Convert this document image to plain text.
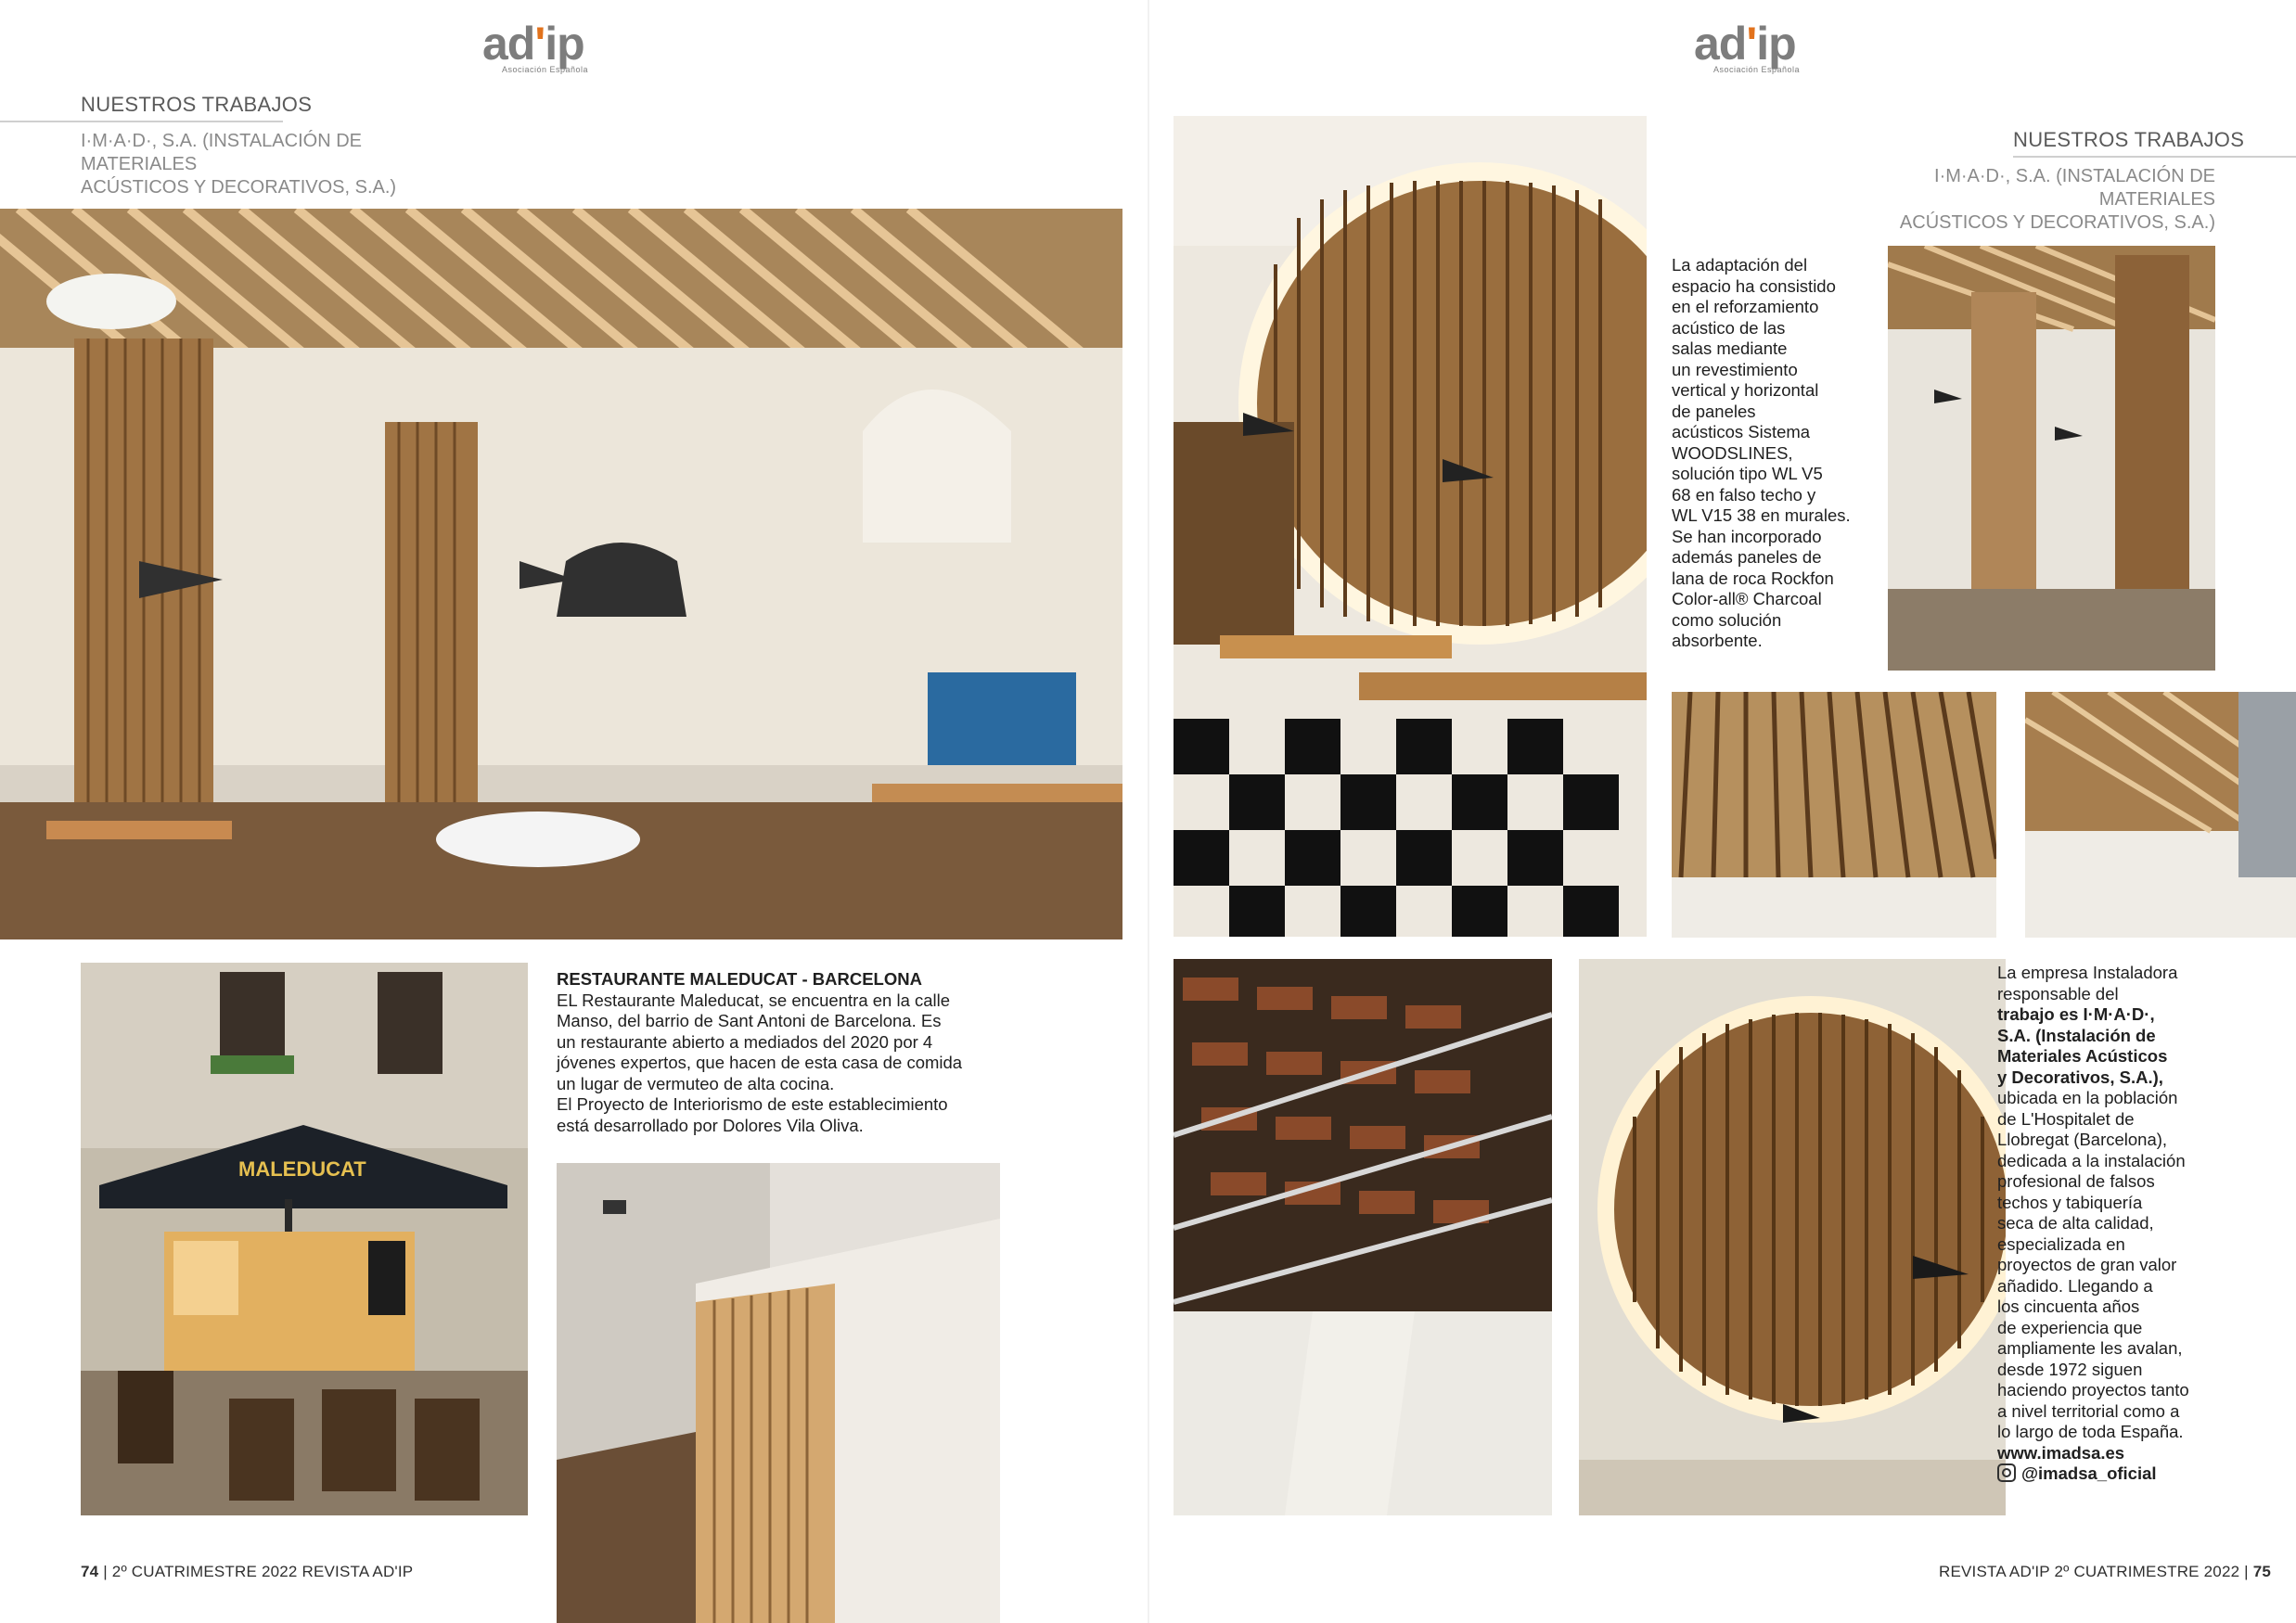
ad'ip
Asociación Española
NUESTROS TRABAJOS
I·M·A·D·, S.A. (INSTALACIÓN DE MATERIALES
ACÚSTICOS Y DECORATIVOS, S.A.)
MALEDUCAT
RESTAURANTE MALEDUCAT - BARCELONA
EL Restaurante Maleducat, se encuentra en la calle
Manso, del barrio de Sant Antoni de Barcelona. Es
un restaurante abierto a mediados del 2020 por 4
jóvenes expertos, que hacen de esta casa de comida
un lugar de vermuteo de alta cocina.
El Proyecto de Interiorismo de este establecimiento
está desarrollado por Dolores Vila Oliva.
74 | 2º CUATRIMESTRE 2022 REVISTA AD'IP
ad'ip
Asociación Española
NUESTROS TRABAJOS
I·M·A·D·, S.A. (INSTALACIÓN DE MATERIALES
ACÚSTICOS Y DECORATIVOS, S.A.)
La adaptación del
espacio ha consistido
en el reforzamiento
acústico de las
salas mediante
un revestimiento
vertical y horizontal
de paneles
acústicos Sistema
WOODSLINES,
solución tipo WL V5
68 en falso techo y
WL V15 38 en murales.
Se han incorporado
además paneles de
lana de roca Rockfon
Color-all® Charcoal
como solución
absorbente.
La empresa Instaladora
responsable del
trabajo es I·M·A·D·,
S.A. (Instalación de
Materiales Acústicos
y Decorativos, S.A.),
ubicada en la población
de L'Hospitalet de
Llobregat (Barcelona),
dedicada a la instalación
profesional de falsos
techos y tabiquería
seca de alta calidad,
especializada en
proyectos de gran valor
añadido. Llegando a
los cincuenta años
de experiencia que
ampliamente les avalan,
desde 1972 siguen
haciendo proyectos tanto
a nivel territorial como a
lo largo de toda España.
www.imadsa.es
@imadsa_oficial
REVISTA AD'IP 2º CUATRIMESTRE 2022 | 75
